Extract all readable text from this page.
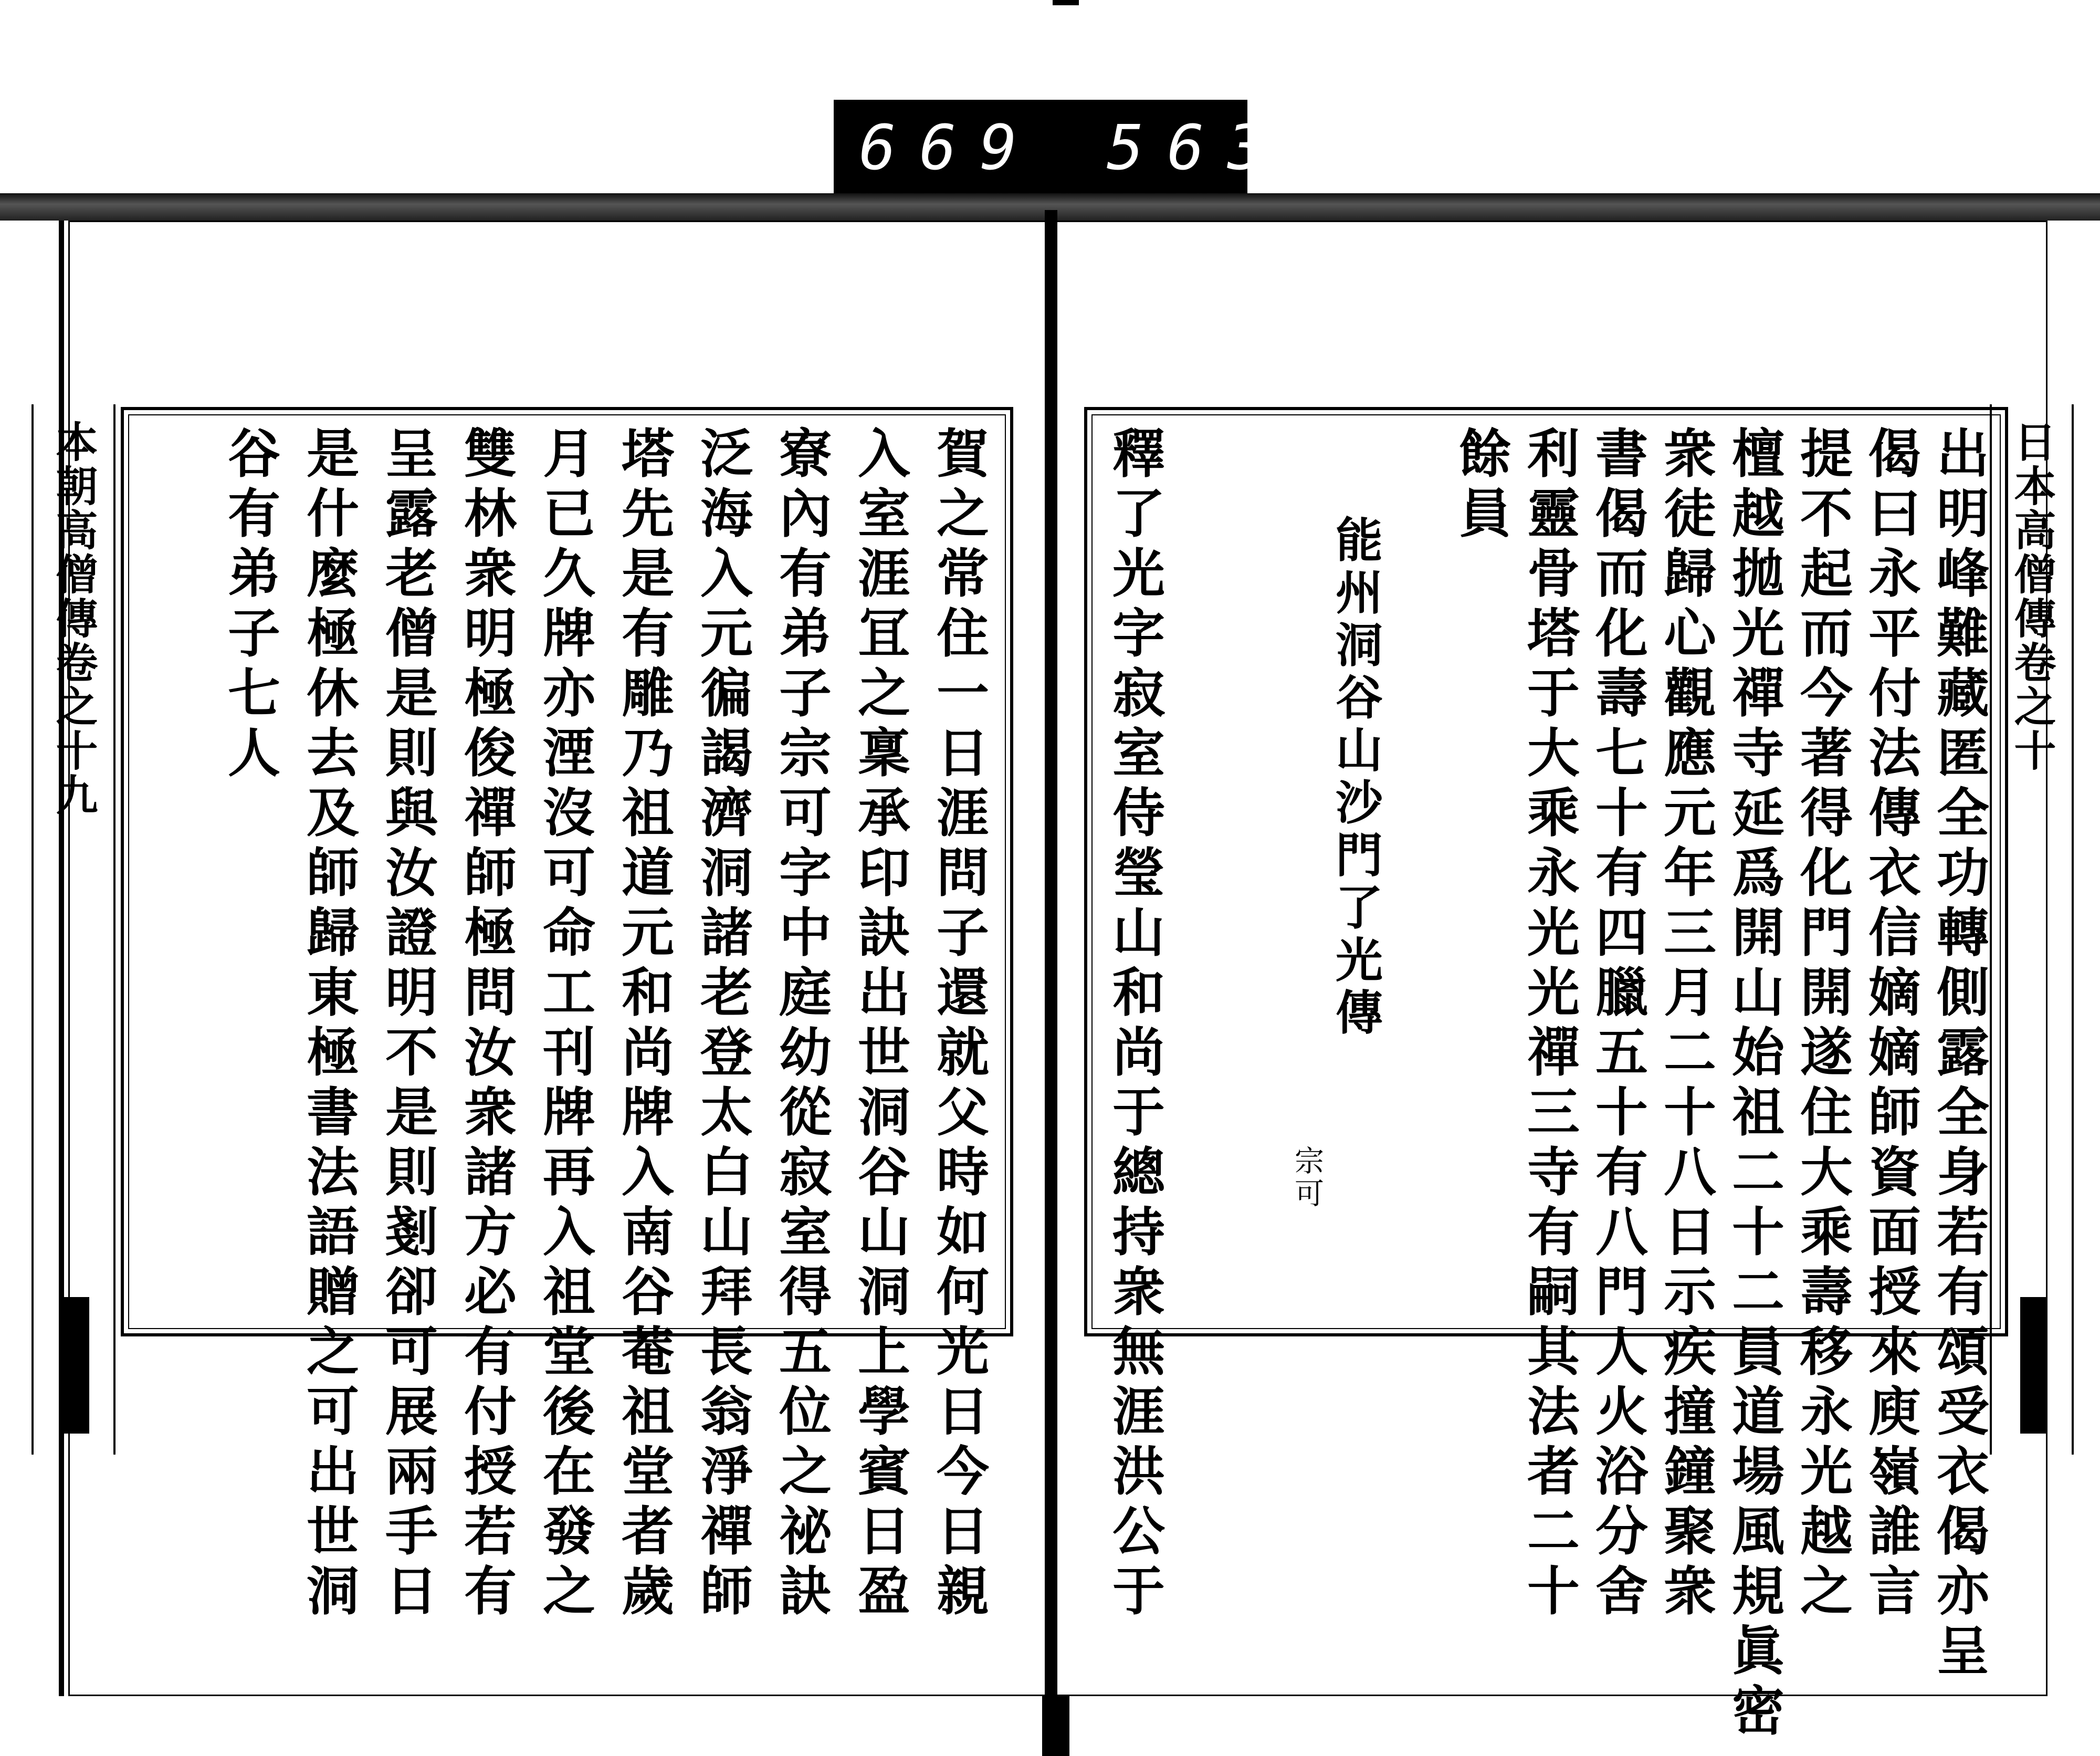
669 563.
本朝高僧傳卷之十九	日本高僧傳卷之十
出明峰難藏匿全功轉側露全身若有頌受衣偈亦呈
偈曰永平付法傳衣信嫡嫡師資面授來庾嶺誰言
提不起而今著得化門開遂住大乘壽移永光越之
檀越拋光禪寺延爲開山始祖二十二員道場風規眞密
衆徒歸心觀應元年三月二十八日示疾撞鐘聚衆
書偈而化壽七十有四臘五十有八門人火浴分舍
利靈骨塔于大乘永光光禪三寺有嗣其法者二十
餘員
能州洞谷山沙門了光傳
宗可
釋了光字寂室侍瑩山和尚于總持衆無涯洪公于
賀之常住一日涯問子還就父時如何光日今日親
入室涯冝之稟承印訣出世洞谷山洞上學賓日盈
寮內有弟子宗可字中庭幼從寂室得五位之祕訣
泛海入元徧謁濟洞諸老登太白山拜長翁淨禪師
塔先是有雕乃祖道元和尚牌入南谷菴祖堂者歲
月已久牌亦湮沒可命工刊牌再入祖堂後在發之
雙林衆明極俊禪師極問汝衆諸方必有付授若有
呈露老僧是則與汝證明不是則剗卻可展兩手日
是什麼極休去及師歸東極書法語贈之可出世洞
谷有弟子七人
